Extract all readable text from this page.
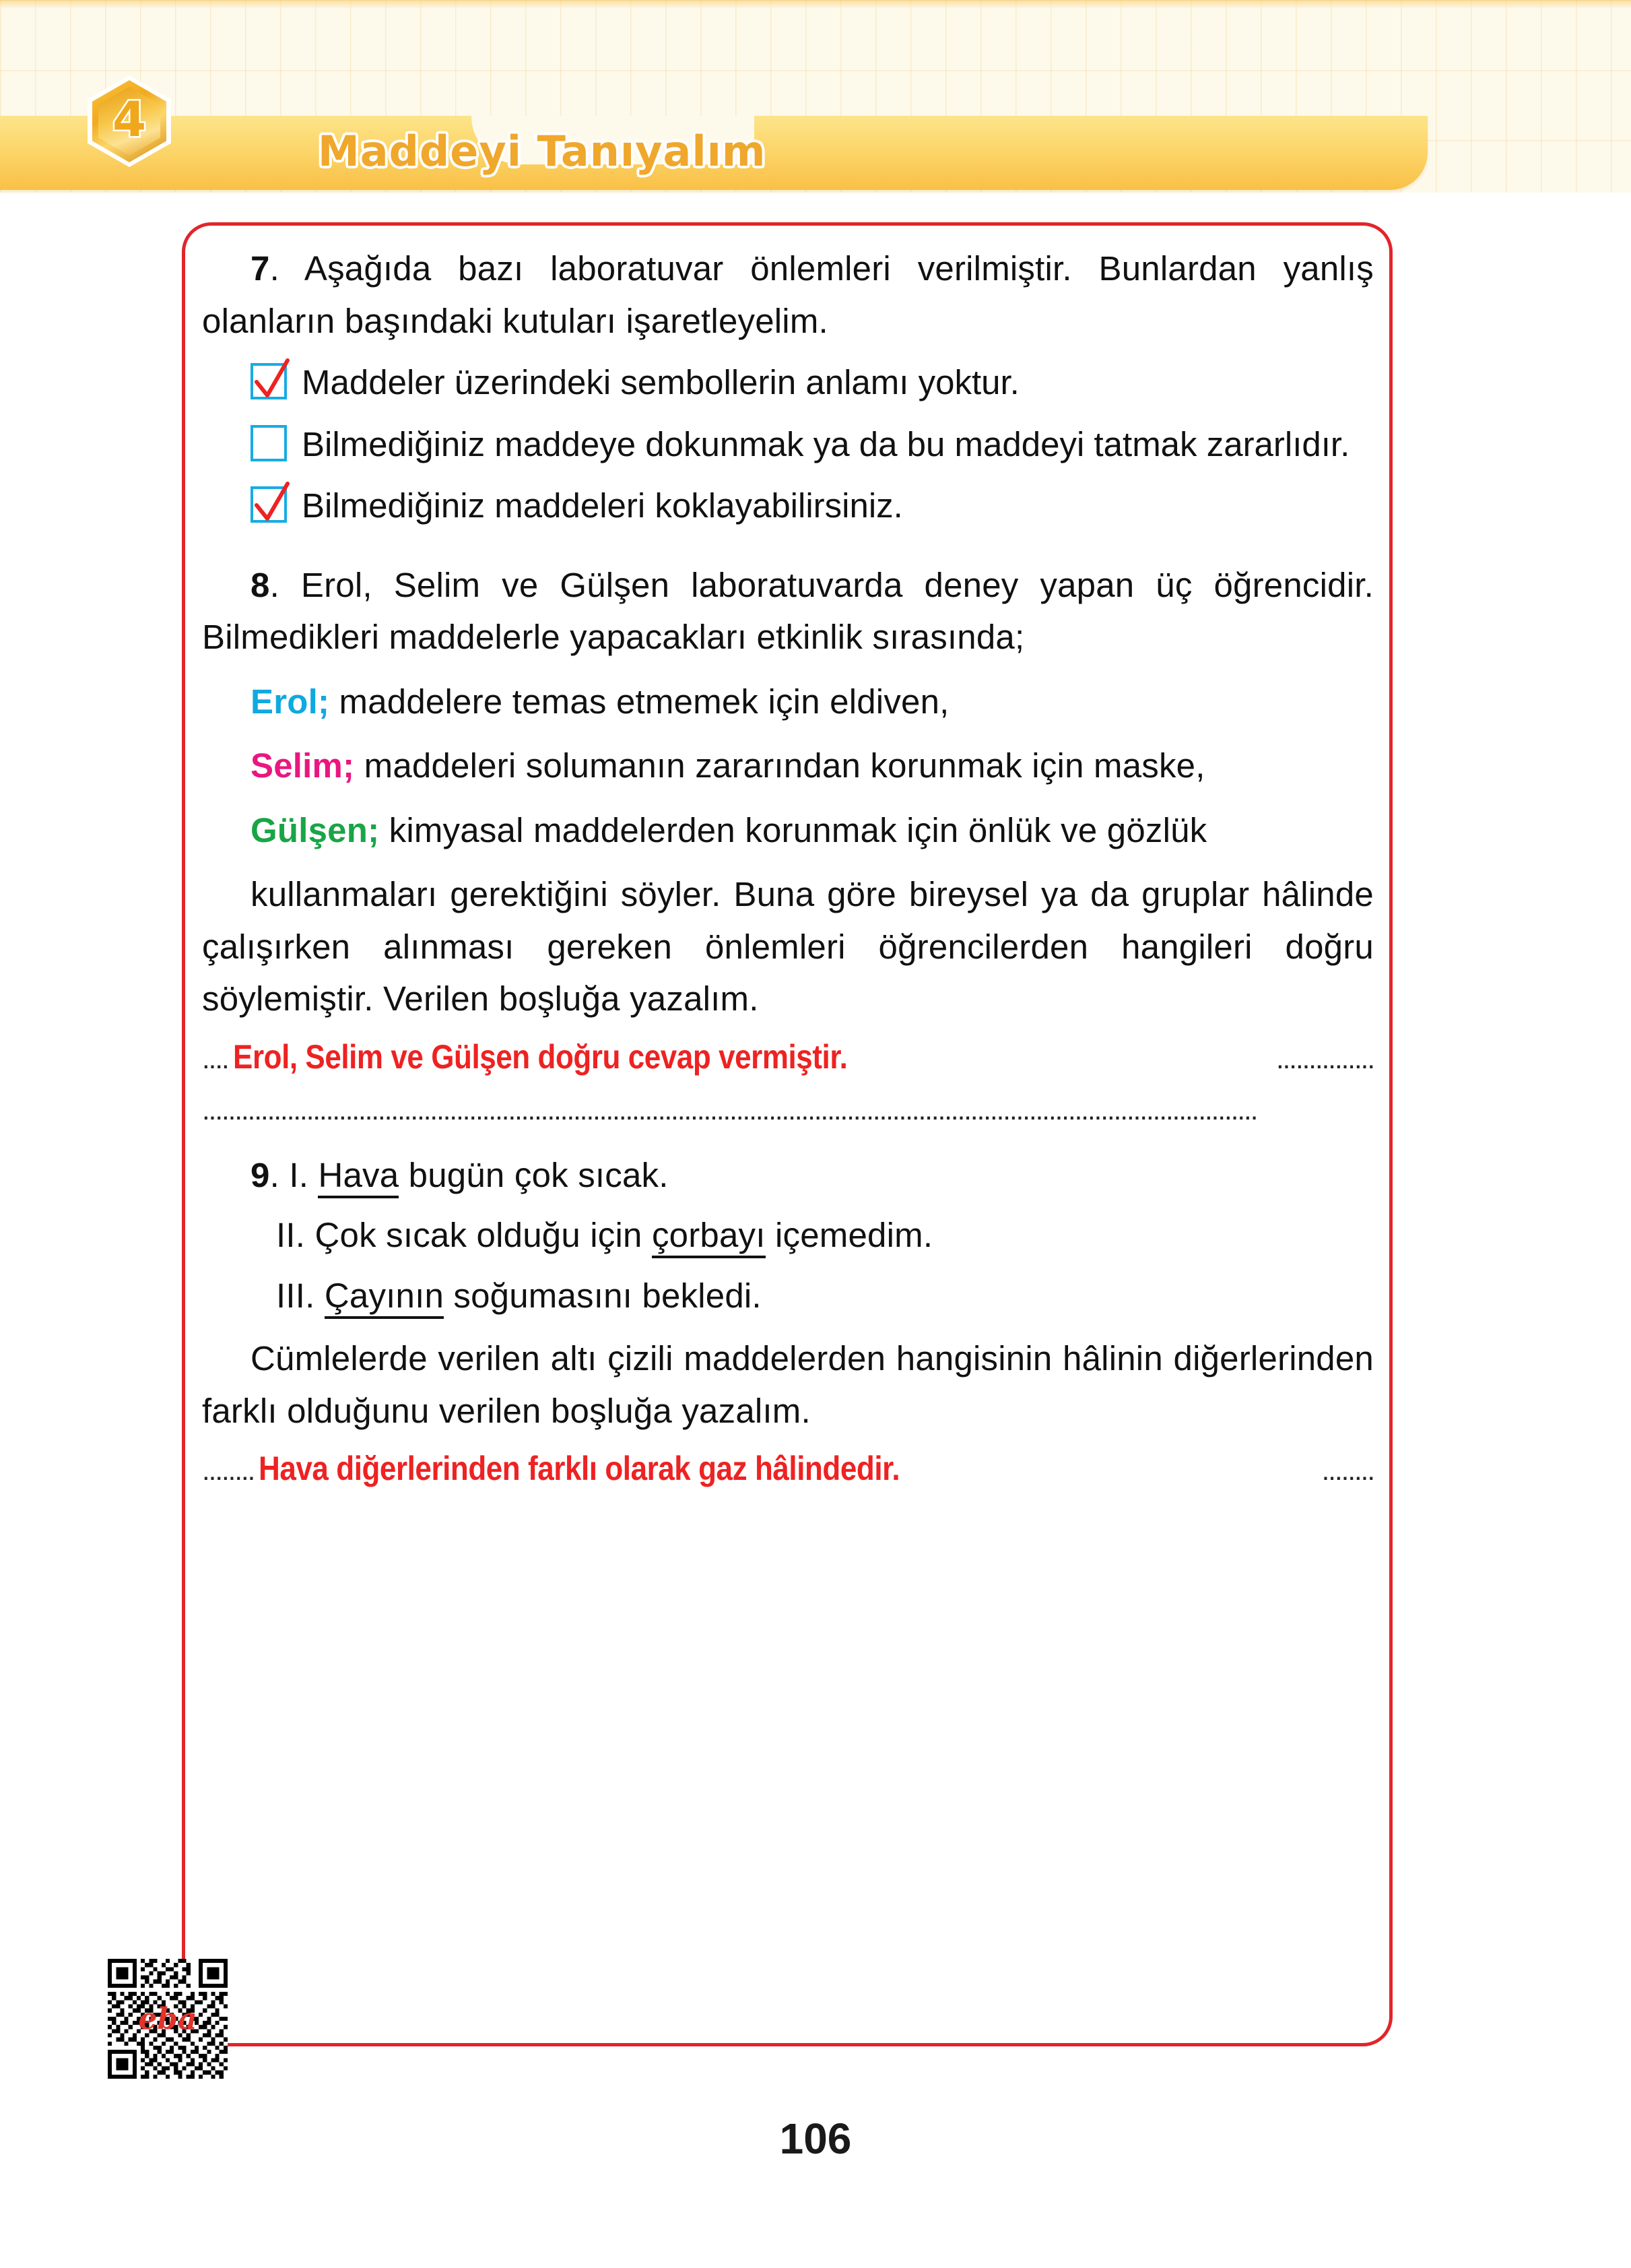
4
Maddeyi Tanıyalım

7. Aşağıda bazı laboratuvar önlemleri verilmiştir. Bunlardan yanlış olanların başındaki kutuları işaretleyelim.

Maddeler üzerindeki sembollerin anlamı yoktur.
Bilmediğiniz maddeye dokunmak ya da bu maddeyi tatmak zararlıdır.
Bilmediğiniz maddeleri koklayabilirsiniz.

8. Erol, Selim ve Gülşen laboratuvarda deney yapan üç öğrencidir. Bilmedikleri maddelerle yapacakları etkinlik sırasında;

Erol; maddelere temas etmemek için eldiven,

Selim; maddeleri solumanın zararından korunmak için maske,

Gülşen; kimyasal maddelerden korunmak için önlük ve gözlük

kullanmaları gerektiğini söyler. Buna göre bireysel ya da gruplar hâlinde çalışırken alınması gereken önlemleri öğrencilerden hangileri doğru söylemiştir. Verilen boşluğa yazalım.

.... Erol, Selim ve Gülşen doğru cevap vermiştir.	...............
..................................................................................................................................................................

9. I. Hava bugün çok sıcak.

II. Çok sıcak olduğu için çorbayı içemedim.

III. Çayının soğumasını bekledi.

Cümlelerde verilen altı çizili maddelerden hangisinin hâlinin diğerlerinden farklı olduğunu verilen boşluğa yazalım.

........ Hava diğerlerinden farklı olarak gaz hâlindedir.	........
eba
106
